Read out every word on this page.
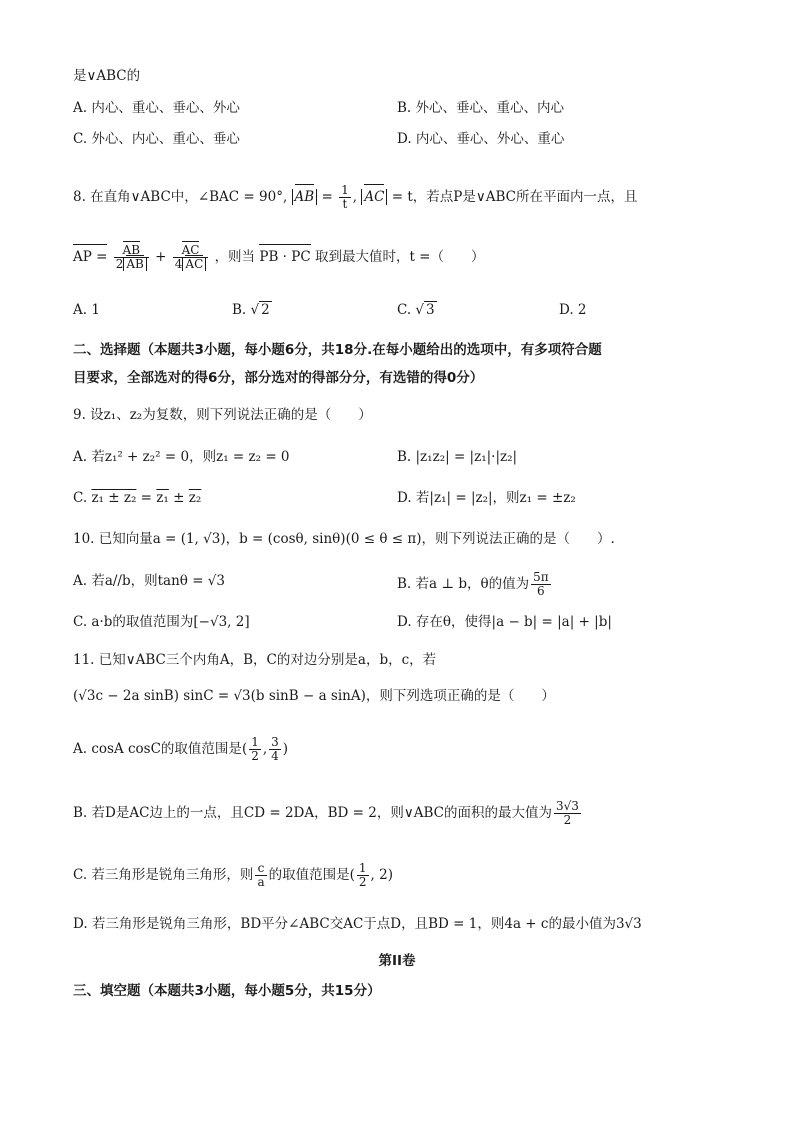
是∨ABC的
A. 内心、重心、垂心、外心	B. 外心、垂心、重心、内心
C. 外心、内心、重心、垂心	D. 内心、垂心、外心、重心
8. 在直角∨ABC中，∠BAC = 90°, AB = $\frac{1}{t}$ , AC = t，若点P是∨ABC所在平面内一点，且
AP = $\frac{AB}{2 AB} + \frac{AC}{4 AC}$ ，则当 PB · PC 取到最大值时，t =（　　）
A. 1	B. √ 2	C. √ 3	D. 2
二、选择题（本题共3小题，每小题6分，共18分.在每小题给出的选项中，有多项符合题
目要求，全部选对的得6分，部分选对的得部分分，有选错的得0分）
9. 设z₁、z₂为复数，则下列说法正确的是（　　）
A. 若z₁² + z₂² = 0，则z₁ = z₂ = 0	B. |z₁z₂| = |z₁|·|z₂|
C. z₁ ± z₂ = z₁ ± z₂	D. 若|z₁| = |z₂|，则z₁ = ±z₂
10. 已知向量a = (1, √3)，b = (cosθ, sinθ)(0 ≤ θ ≤ π)，则下列说法正确的是（　　）.
A. 若a//b，则tanθ = √3	B. 若a ⊥ b，θ的值为 $\frac{5\pi}{6}$
C. a·b的取值范围为[−√3, 2]	D. 存在θ，使得|a − b| = |a| + |b|
11. 已知∨ABC三个内角A，B，C的对边分别是a，b，c，若
(√3c − 2a sinB) sinC = √3(b sinB − a sinA)，则下列选项正确的是（　　）
A. cosA cosC的取值范围是( $\frac{1}{2}$ , $\frac{3}{4}$ )
B. 若D是AC边上的一点，且CD = 2DA，BD = 2，则∨ABC的面积的最大值为 $\frac{3√3}{2}$
C. 若三角形是锐角三角形，则 $\frac{c}{a}$ 的取值范围是( $\frac{1}{2}$ , 2)
D. 若三角形是锐角三角形，BD平分∠ABC交AC于点D，且BD = 1，则4a + c的最小值为3√3
第II卷
三、填空题（本题共3小题，每小题5分，共15分）
